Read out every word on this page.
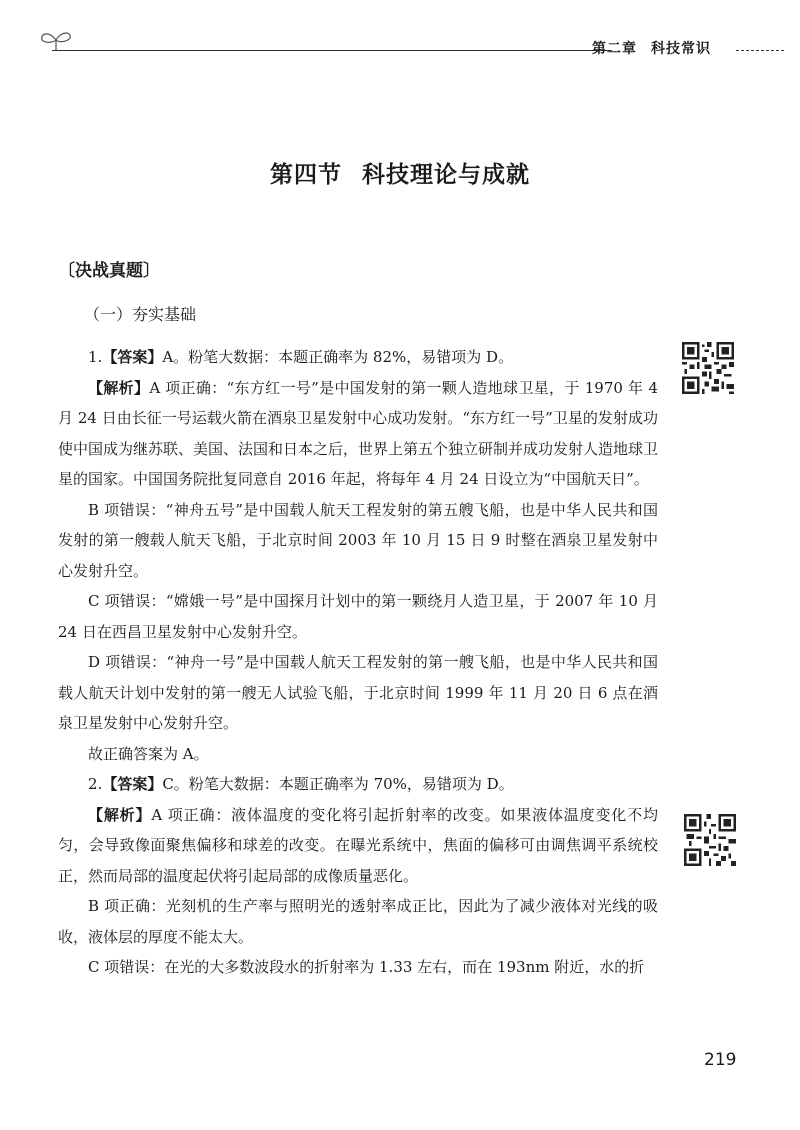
第二章 科技常识
第四节 科技理论与成就
〔决战真题〕
（一）夯实基础

1.【答案】A。粉笔大数据：本题正确率为 82%，易错项为 D。

【解析】A 项正确：“东方红一号”是中国发射的第一颗人造地球卫星，于 1970 年 4 月 24 日由长征一号运载火箭在酒泉卫星发射中心成功发射。“东方红一号”卫星的发射成功使中国成为继苏联、美国、法国和日本之后，世界上第五个独立研制并成功发射人造地球卫星的国家。中国国务院批复同意自 2016 年起，将每年 4 月 24 日设立为“中国航天日”。

B 项错误：“神舟五号”是中国载人航天工程发射的第五艘飞船，也是中华人民共和国发射的第一艘载人航天飞船，于北京时间 2003 年 10 月 15 日 9 时整在酒泉卫星发射中心发射升空。

C 项错误：“嫦娥一号”是中国探月计划中的第一颗绕月人造卫星，于 2007 年 10 月 24 日在西昌卫星发射中心发射升空。

D 项错误：“神舟一号”是中国载人航天工程发射的第一艘飞船，也是中华人民共和国载人航天计划中发射的第一艘无人试验飞船，于北京时间 1999 年 11 月 20 日 6 点在酒泉卫星发射中心发射升空。

故正确答案为 A。

2.【答案】C。粉笔大数据：本题正确率为 70%，易错项为 D。

【解析】A 项正确：液体温度的变化将引起折射率的改变。如果液体温度变化不均匀，会导致像面聚焦偏移和球差的改变。在曝光系统中，焦面的偏移可由调焦调平系统校正，然而局部的温度起伏将引起局部的成像质量恶化。

B 项正确：光刻机的生产率与照明光的透射率成正比，因此为了减少液体对光线的吸收，液体层的厚度不能太大。

C 项错误：在光的大多数波段水的折射率为 1.33 左右，而在 193nm 附近，水的折

219
